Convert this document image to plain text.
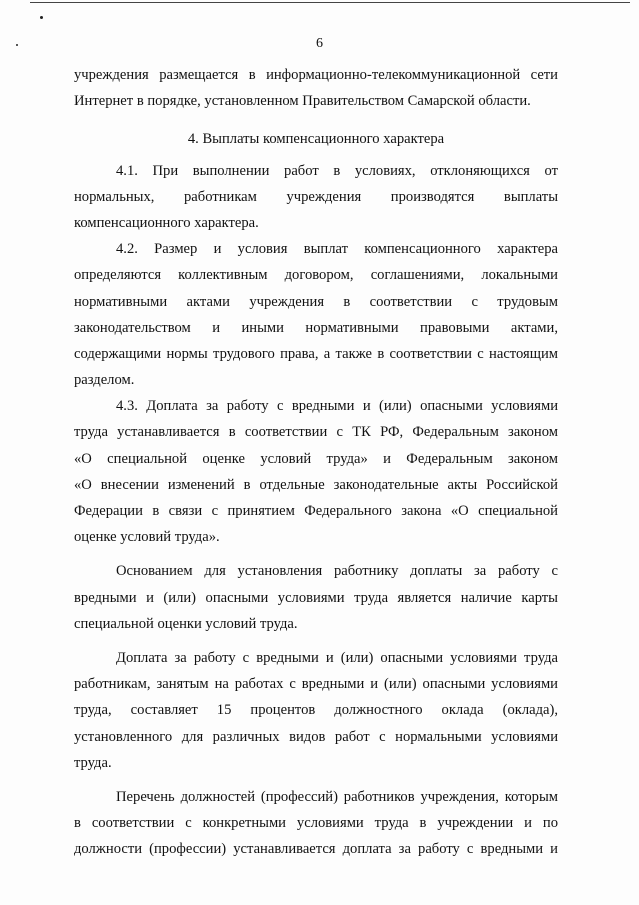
6
учреждения размещается в информационно-телекоммуникационной сети
Интернет в порядке, установленном Правительством Самарской области.
4. Выплаты компенсационного характера
4.1. При выполнении работ в условиях, отклоняющихся от
нормальных, работникам учреждения производятся выплаты
компенсационного характера.
4.2. Размер и условия выплат компенсационного характера
определяются коллективным договором, соглашениями, локальными
нормативными актами учреждения в соответствии с трудовым
законодательством и иными нормативными правовыми актами,
содержащими нормы трудового права, а также в соответствии с настоящим
разделом.
4.3. Доплата за работу с вредными и (или) опасными условиями
труда устанавливается в соответствии с ТК РФ, Федеральным законом
«О специальной оценке условий труда» и Федеральным законом
«О внесении изменений в отдельные законодательные акты Российской
Федерации в связи с принятием Федерального закона «О специальной
оценке условий труда».
Основанием для установления работнику доплаты за работу с
вредными и (или) опасными условиями труда является наличие карты
специальной оценки условий труда.
Доплата за работу с вредными и (или) опасными условиями труда
работникам, занятым на работах с вредными и (или) опасными условиями
труда, составляет 15 процентов должностного оклада (оклада),
установленного для различных видов работ с нормальными условиями
труда.
Перечень должностей (профессий) работников учреждения, которым
в соответствии с конкретными условиями труда в учреждении и по
должности (профессии) устанавливается доплата за работу с вредными и
